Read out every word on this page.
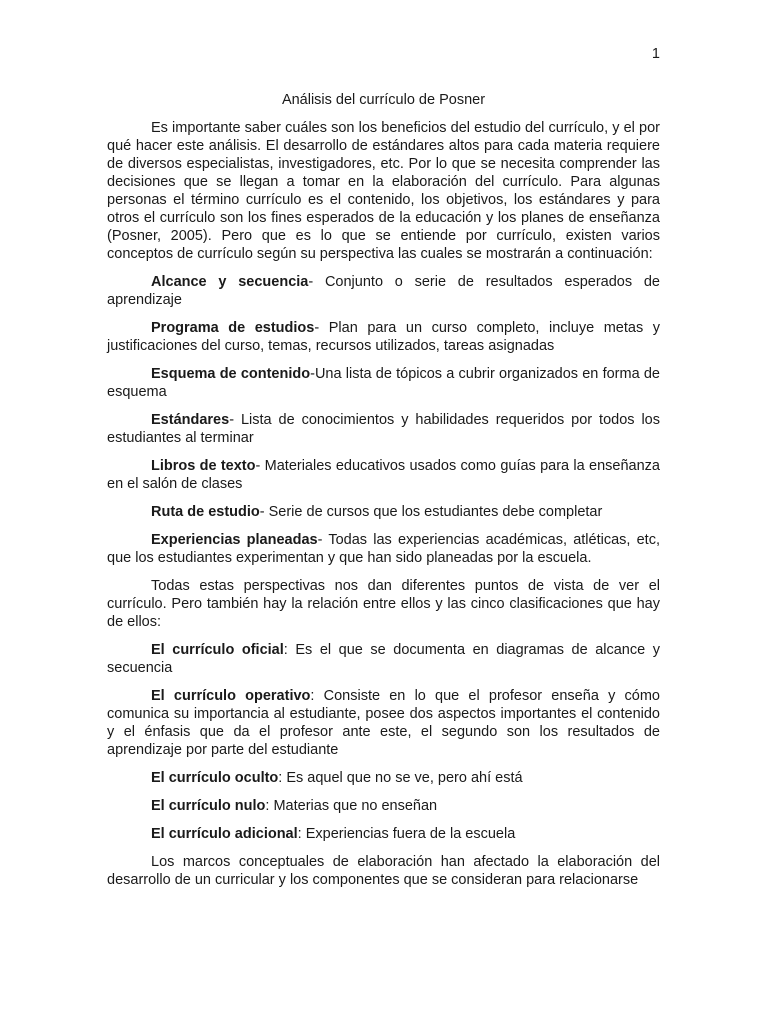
1

Análisis del currículo de Posner

Es importante saber cuáles son los beneficios del estudio del currículo, y el por qué hacer este análisis. El desarrollo de estándares altos para cada materia requiere de diversos especialistas, investigadores, etc. Por lo que se necesita comprender las decisiones que se llegan a tomar en la elaboración del currículo. Para algunas personas el término currículo es el contenido, los objetivos, los estándares y para otros el currículo son los fines esperados de la educación y los planes de enseñanza (Posner, 2005). Pero que es lo que se entiende por currículo, existen varios conceptos de currículo según su perspectiva las cuales se mostrarán a continuación:

Alcance y secuencia- Conjunto o serie de resultados esperados de aprendizaje

Programa de estudios- Plan para un curso completo, incluye metas y justificaciones del curso, temas, recursos utilizados, tareas asignadas

Esquema de contenido-Una lista de tópicos a cubrir organizados en forma de esquema

Estándares- Lista de conocimientos y habilidades requeridos por todos los estudiantes al terminar

Libros de texto- Materiales educativos usados como guías para la enseñanza en el salón de clases

Ruta de estudio- Serie de cursos que los estudiantes debe completar

Experiencias planeadas- Todas las experiencias académicas, atléticas, etc, que los estudiantes experimentan y que han sido planeadas por la escuela.

Todas estas perspectivas nos dan diferentes puntos de vista de ver el currículo. Pero también hay la relación entre ellos y las cinco clasificaciones que hay de ellos:

El currículo oficial: Es el que se documenta en diagramas de alcance y secuencia

El currículo operativo: Consiste en lo que el profesor enseña y cómo comunica su importancia al estudiante, posee dos aspectos importantes el contenido y el énfasis que da el profesor ante este, el segundo son los resultados de aprendizaje por parte del estudiante

El currículo oculto: Es aquel que no se ve, pero ahí está

El currículo nulo: Materias que no enseñan

El currículo adicional: Experiencias fuera de la escuela

Los marcos conceptuales de elaboración han afectado la elaboración del desarrollo de un curricular y los componentes que se consideran para relacionarse
